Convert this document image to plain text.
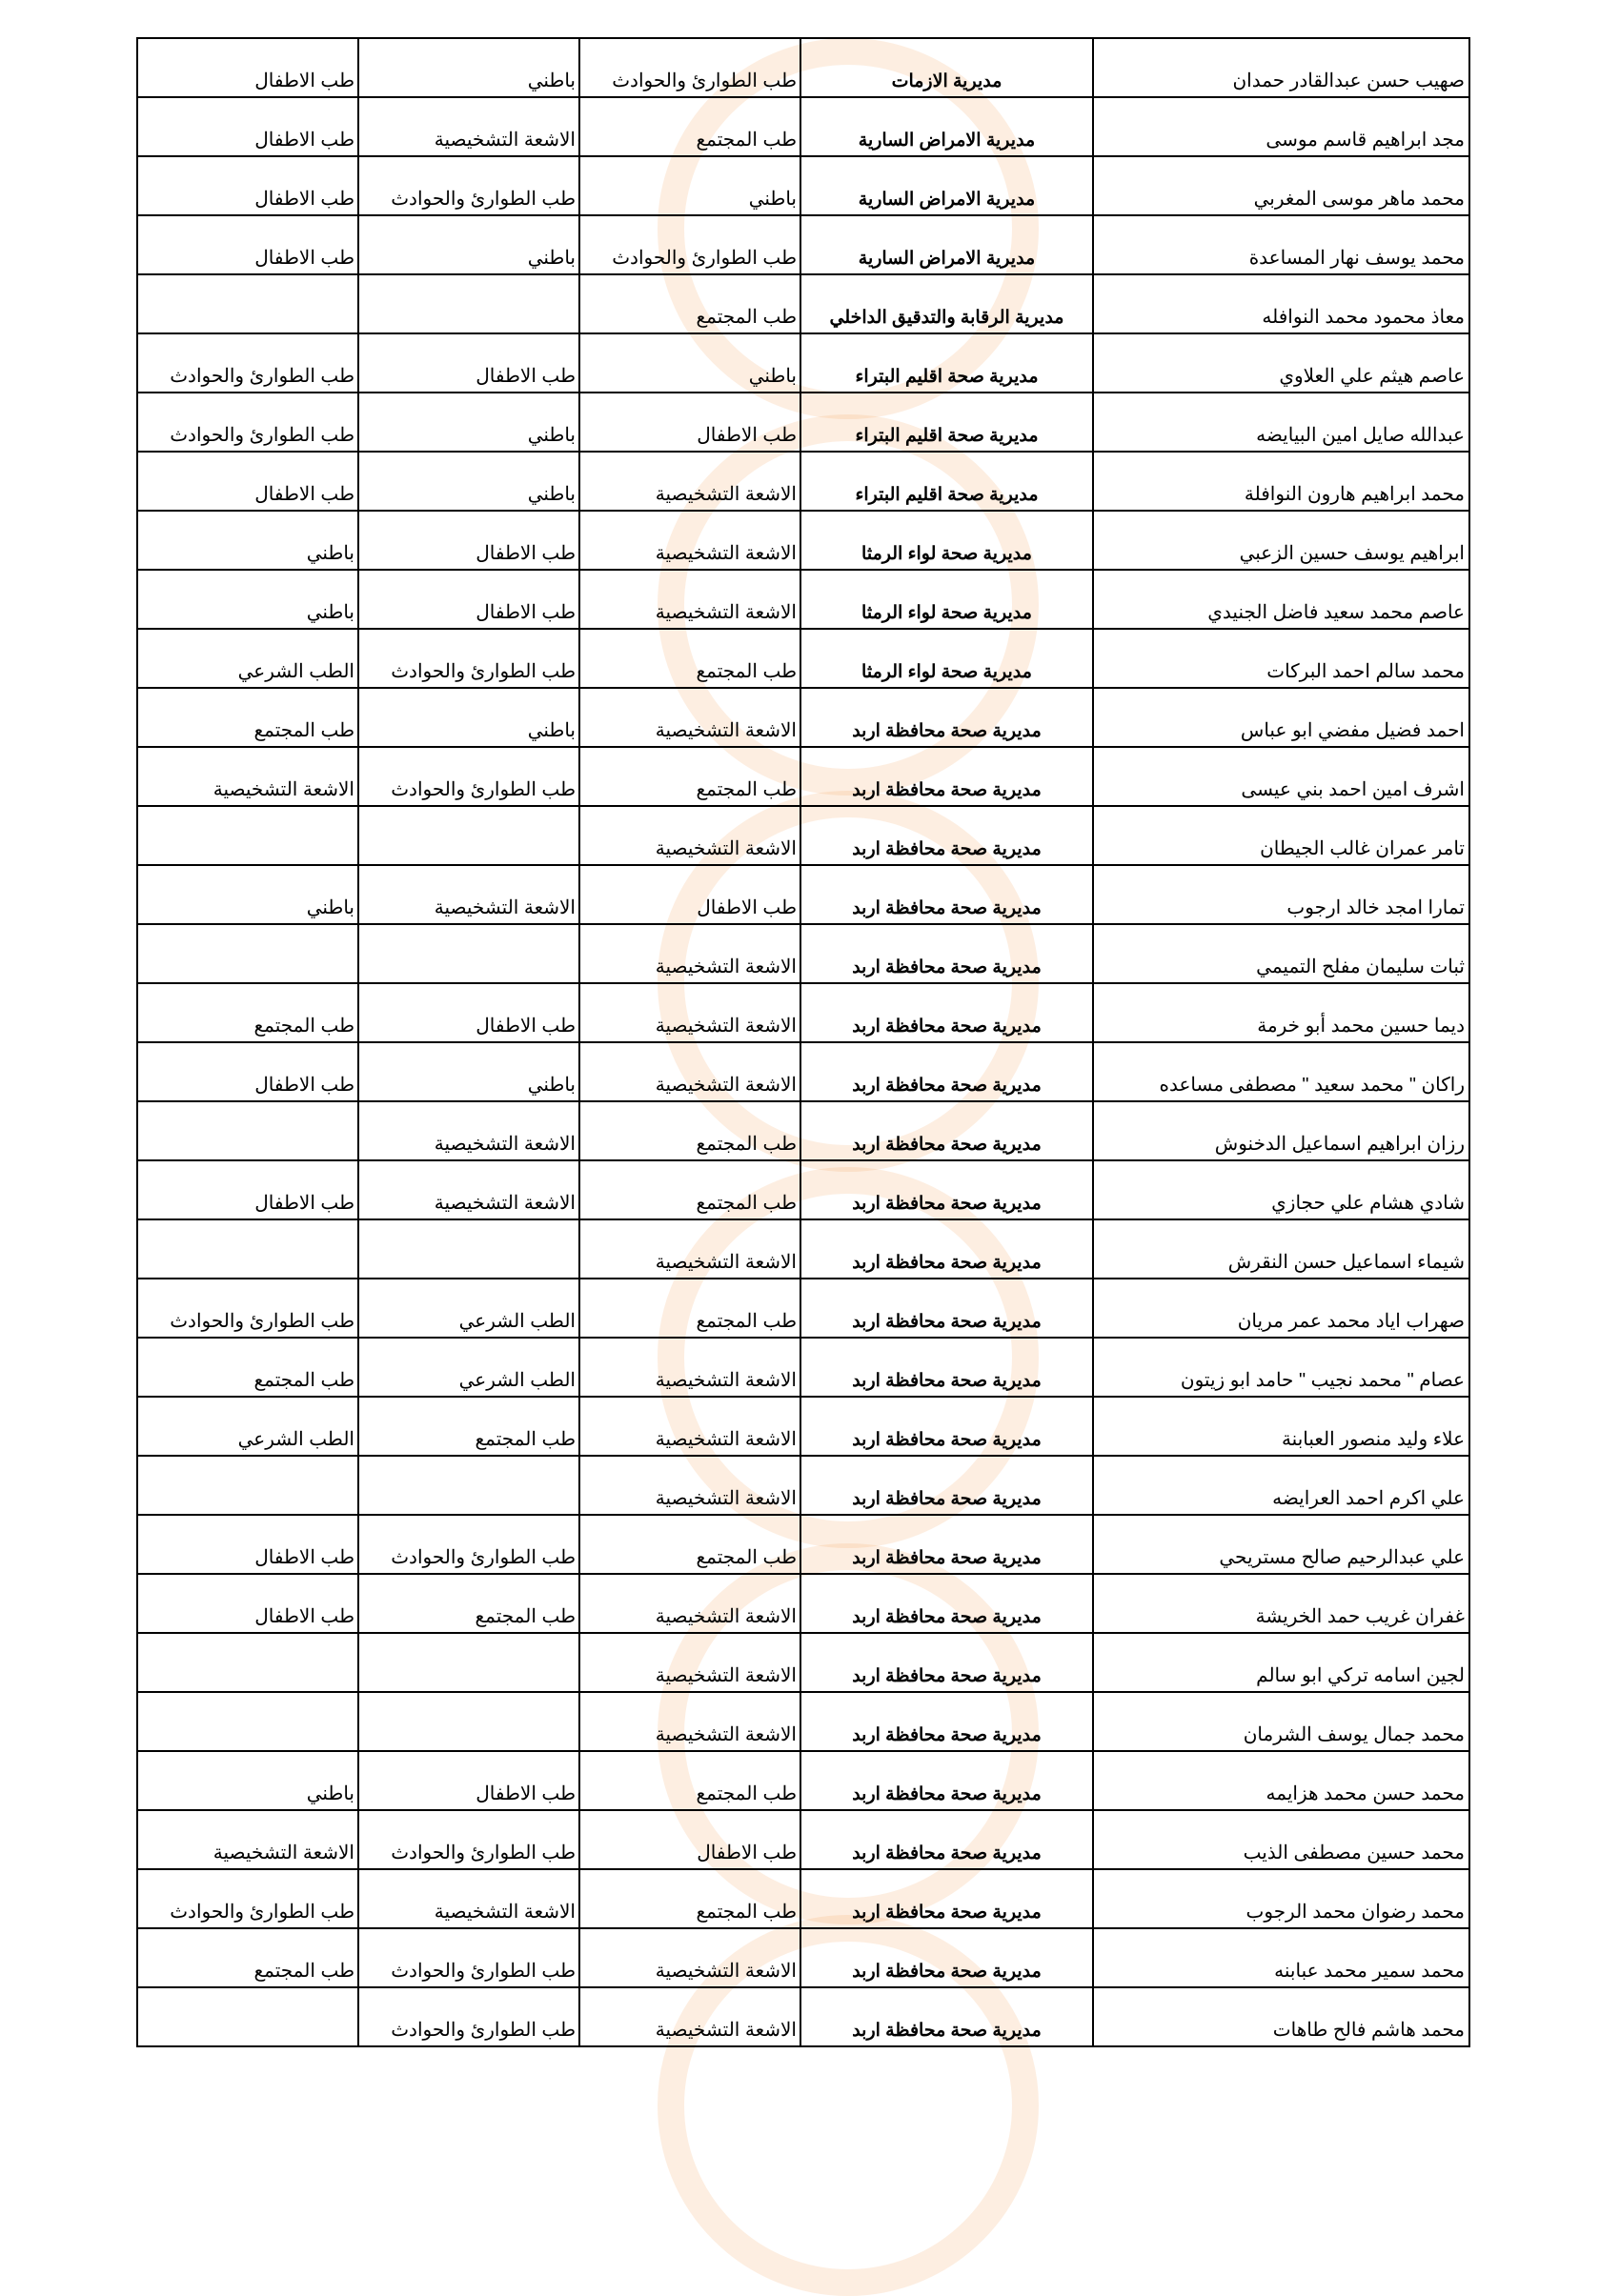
صهيب حسن عبدالقادر حمدان	مديرية الازمات	طب الطوارئ والحوادث	باطني	طب الاطفال
مجد ابراهيم قاسم موسى	مديرية الامراض السارية	طب المجتمع	الاشعة التشخيصية	طب الاطفال
محمد ماهر موسى المغربي	مديرية الامراض السارية	باطني	طب الطوارئ والحوادث	طب الاطفال
محمد يوسف نهار المساعدة	مديرية الامراض السارية	طب الطوارئ والحوادث	باطني	طب الاطفال
معاذ محمود محمد النوافله	مديرية الرقابة والتدقيق الداخلي	طب المجتمع		
عاصم هيثم علي العلاوي	مديرية صحة اقليم البتراء	باطني	طب الاطفال	طب الطوارئ والحوادث
عبدالله صايل امين البيايضه	مديرية صحة اقليم البتراء	طب الاطفال	باطني	طب الطوارئ والحوادث
محمد ابراهيم هارون النوافلة	مديرية صحة اقليم البتراء	الاشعة التشخيصية	باطني	طب الاطفال
ابراهيم يوسف حسين الزعبي	مديرية صحة لواء الرمثا	الاشعة التشخيصية	طب الاطفال	باطني
عاصم محمد سعيد فاضل الجنيدي	مديرية صحة لواء الرمثا	الاشعة التشخيصية	طب الاطفال	باطني
محمد سالم احمد البركات	مديرية صحة لواء الرمثا	طب المجتمع	طب الطوارئ والحوادث	الطب الشرعي
احمد فضيل مفضي ابو عباس	مديرية صحة محافظة اربد	الاشعة التشخيصية	باطني	طب المجتمع
اشرف امين احمد بني عيسى	مديرية صحة محافظة اربد	طب المجتمع	طب الطوارئ والحوادث	الاشعة التشخيصية
تامر عمران غالب الجيطان	مديرية صحة محافظة اربد	الاشعة التشخيصية		
تمارا امجد خالد ارجوب	مديرية صحة محافظة اربد	طب الاطفال	الاشعة التشخيصية	باطني
ثبات سليمان مفلح التميمي	مديرية صحة محافظة اربد	الاشعة التشخيصية		
ديما حسين محمد أبو خرمة	مديرية صحة محافظة اربد	الاشعة التشخيصية	طب الاطفال	طب المجتمع
راكان " محمد سعيد " مصطفى مساعده	مديرية صحة محافظة اربد	الاشعة التشخيصية	باطني	طب الاطفال
رزان ابراهيم اسماعيل الدخنوش	مديرية صحة محافظة اربد	طب المجتمع	الاشعة التشخيصية	
شادي هشام علي حجازي	مديرية صحة محافظة اربد	طب المجتمع	الاشعة التشخيصية	طب الاطفال
شيماء اسماعيل حسن النقرش	مديرية صحة محافظة اربد	الاشعة التشخيصية		
صهراب اياد محمد عمر مريان	مديرية صحة محافظة اربد	طب المجتمع	الطب الشرعي	طب الطوارئ والحوادث
عصام " محمد نجيب " حامد ابو زيتون	مديرية صحة محافظة اربد	الاشعة التشخيصية	الطب الشرعي	طب المجتمع
علاء وليد منصور العبابنة	مديرية صحة محافظة اربد	الاشعة التشخيصية	طب المجتمع	الطب الشرعي
علي اكرم احمد العرايضه	مديرية صحة محافظة اربد	الاشعة التشخيصية		
علي عبدالرحيم صالح مستريحي	مديرية صحة محافظة اربد	طب المجتمع	طب الطوارئ والحوادث	طب الاطفال
غفران غريب حمد الخريشة	مديرية صحة محافظة اربد	الاشعة التشخيصية	طب المجتمع	طب الاطفال
لجين اسامه تركي ابو سالم	مديرية صحة محافظة اربد	الاشعة التشخيصية		
محمد جمال يوسف الشرمان	مديرية صحة محافظة اربد	الاشعة التشخيصية		
محمد حسن محمد هزايمه	مديرية صحة محافظة اربد	طب المجتمع	طب الاطفال	باطني
محمد حسين مصطفى الذيب	مديرية صحة محافظة اربد	طب الاطفال	طب الطوارئ والحوادث	الاشعة التشخيصية
محمد رضوان محمد الرجوب	مديرية صحة محافظة اربد	طب المجتمع	الاشعة التشخيصية	طب الطوارئ والحوادث
محمد سمير محمد عبابنه	مديرية صحة محافظة اربد	الاشعة التشخيصية	طب الطوارئ والحوادث	طب المجتمع
محمد هاشم فالح طاهات	مديرية صحة محافظة اربد	الاشعة التشخيصية	طب الطوارئ والحوادث	
